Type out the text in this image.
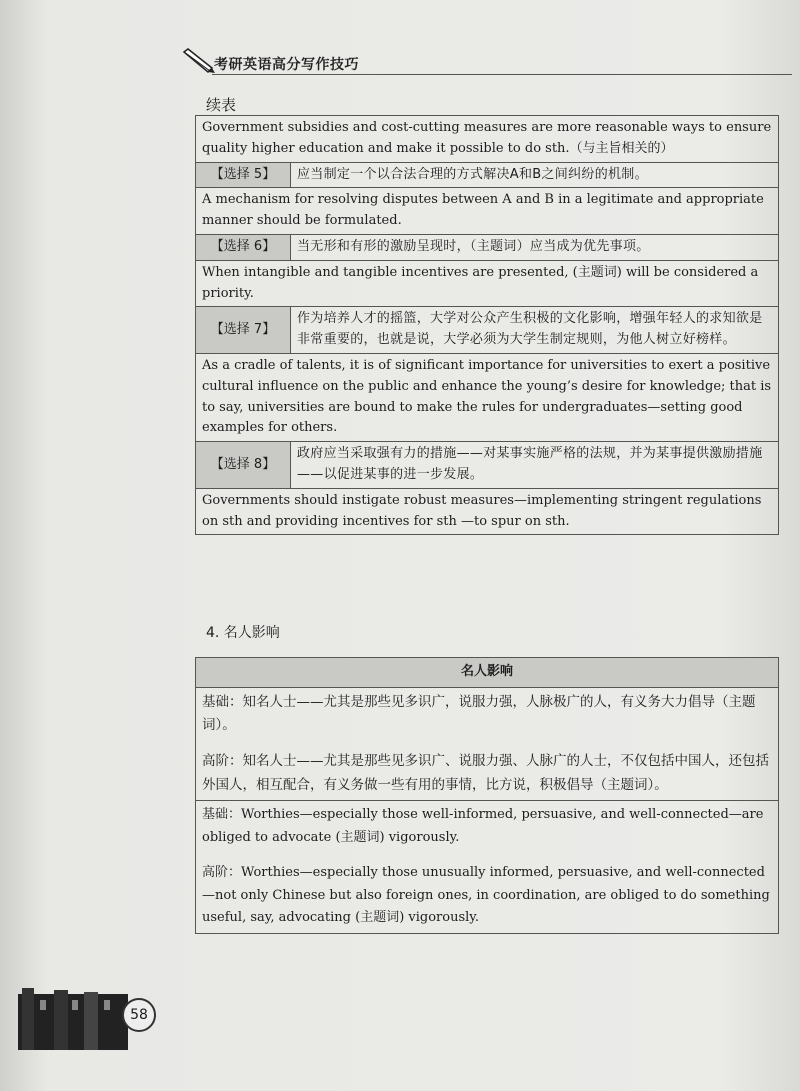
考研英语高分写作技巧
续表
Government subsidies and cost-cutting measures are more reasonable ways to ensure quality higher education and make it possible to do sth.（与主旨相关的）	
【选择 5】	应当制定一个以合法合理的方式解决A和B之间纠纷的机制。
A mechanism for resolving disputes between A and B in a legitimate and appropriate manner should be formulated.	
【选择 6】	当无形和有形的激励呈现时，（主题词）应当成为优先事项。
When intangible and tangible incentives are presented, (主题词) will be considered a priority.	
【选择 7】	作为培养人才的摇篮，大学对公众产生积极的文化影响，增强年轻人的求知欲是非常重要的，也就是说，大学必须为大学生制定规则，为他人树立好榜样。
As a cradle of talents, it is of significant importance for universities to exert a positive cultural influence on the public and enhance the young’s desire for knowledge; that is to say, universities are bound to make the rules for undergraduates—setting good examples for others.	
【选择 8】	政府应当采取强有力的措施——对某事实施严格的法规，并为某事提供激励措施——以促进某事的进一步发展。
Governments should instigate robust measures—implementing stringent regulations on sth and providing incentives for sth —to spur on sth.	
4. 名人影响
名人影响

基础：知名人士——尤其是那些见多识广，说服力强，人脉极广的人，有义务大力倡导（主题词）。

高阶：知名人士——尤其是那些见多识广、说服力强、人脉广的人士，不仅包括中国人，还包括外国人，相互配合，有义务做一些有用的事情，比方说，积极倡导（主题词）。

基础：Worthies—especially those well-informed, persuasive, and well-connected—are obliged to advocate (主题词) vigorously.

高阶：Worthies—especially those unusually informed, persuasive, and well-connected—not only Chinese but also foreign ones, in coordination, are obliged to do something useful, say, advocating (主题词) vigorously.

58
